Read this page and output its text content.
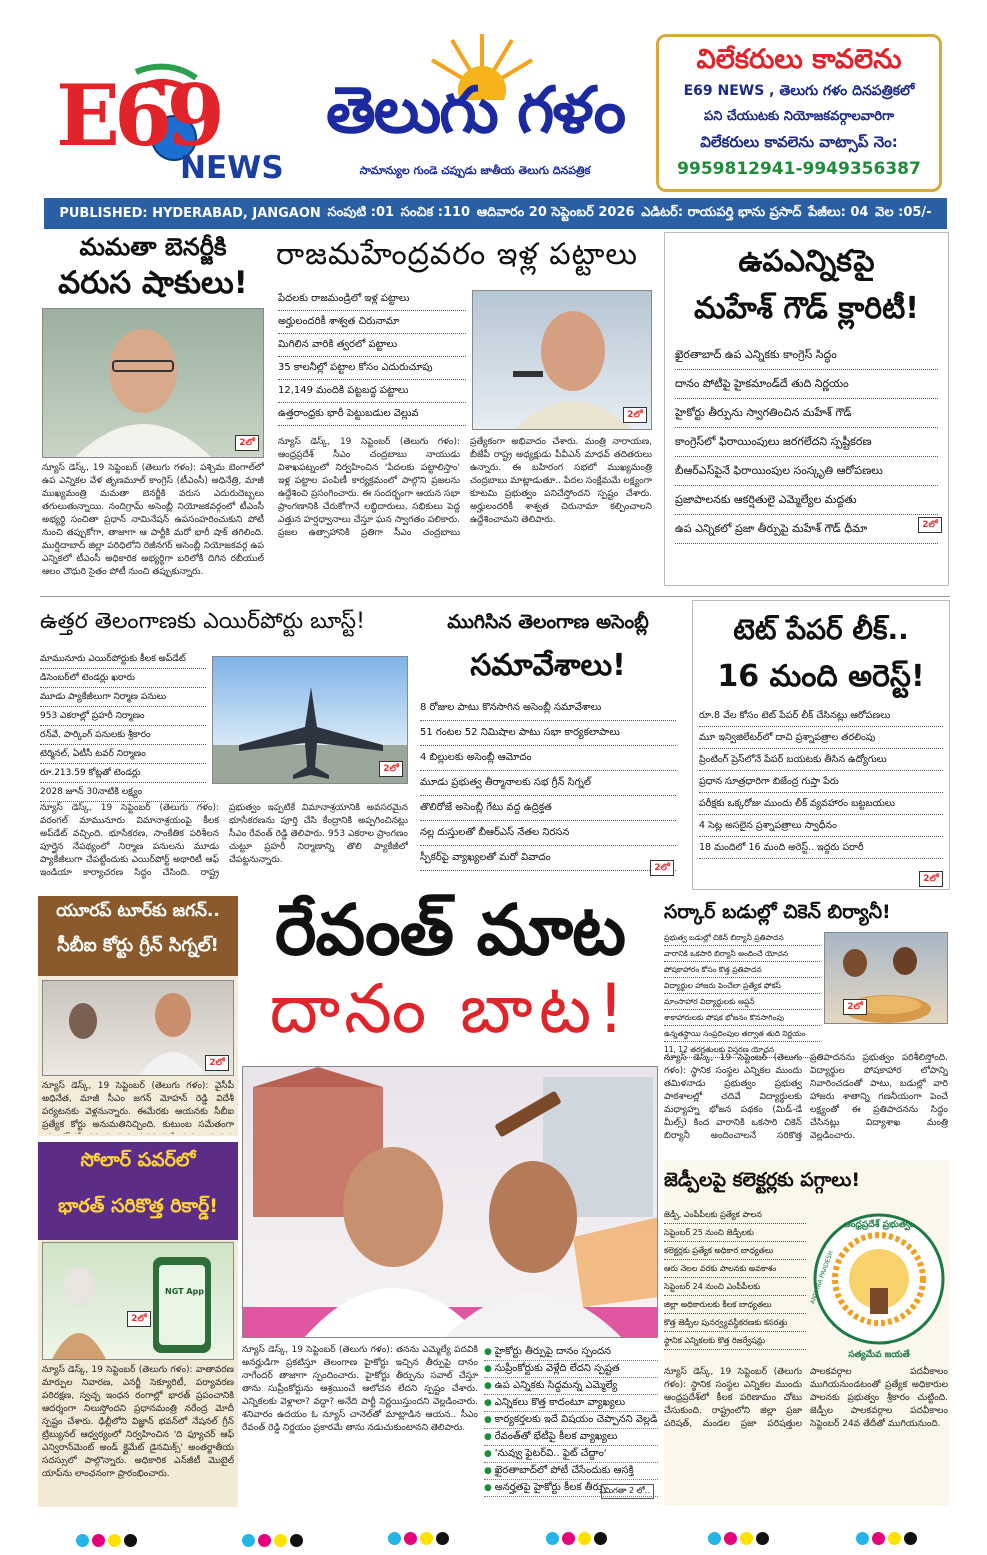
E69
NEWS
తెలుగు గళం
సామాన్యుల గుండె చప్పుడు జాతీయ తెలుగు దినపత్రిక
విలేకరులు కావలెను
E69 NEWS , తెలుగు గళం దినపత్రికలో
పని చేయుటకు నియోజకవర్గాలవారిగా
విలేకరులు కావలెను వాట్సాప్ నెం:
9959812941-9949356387
PUBLISHED: HYDERABAD, JANGAON సంపుటి :01 సంచిక :110 ఆదివారం 20 సెప్టెంబర్ 2026 ఎడిటర్: రాయపర్తి భాను ప్రసాద్ పేజీలు: 04 వెల :05/-
మమతా బెనర్జీకి
వరుస షాకులు!
2లో
న్యూస్ డెస్క్, 19 సెప్టెంబర్ (తెలుగు గళం): పశ్చిమ బెంగాల్‌లో ఉప ఎన్నికల వేళ తృణమూల్ కాంగ్రెస్ (టీఎంసీ) అధినేత్రి, మాజీ ముఖ్యమంత్రి మమతా బెనర్జీకి వరుస ఎదురుదెబ్బలు తగులుతున్నాయి. నందిగ్రామ్ అసెంబ్లీ నియోజకవర్గంలో టీఎంసీ అభ్యర్థి సంచితా ప్రధాన్ నామినేషన్ ఉపసంహరించుకుని పోటీ నుంచి తప్పుకోగా, తాజాగా ఆ పార్టీకి మరో భారీ షాక్ తగిలింది. ముర్షిదాబాద్ జిల్లా పరిధిలోని రెజీనగర్ అసెంబ్లీ నియోజకవర్గ ఉప ఎన్నికలో టీఎంసీ అధికారిక అభ్యర్థిగా బరిలోకి దిగిన రబీయుల్ ఆలం చౌధురి సైతం పోటీ నుంచి తప్పుకున్నారు.
రాజమహేంద్రవరం ఇళ్ల పట్టాలు
పేదలకు రాజమండ్రిలో ఇళ్ల పట్టాలు
అర్హులందరికీ శాశ్వత చిరునామా
మిగిలిన వారికి త్వరలో పట్టాలు
35 కాలనీల్లో పట్టాల కోసం ఎదురుచూపు
12,149 మందికి పట్టబద్ధ పట్టాలు
ఉత్తరాంధ్రకు భారీ పెట్టుబడుల వెల్లువ	2లో
న్యూస్ డెస్క్, 19 సెప్టెంబర్ (తెలుగు గళం): ఆంధ్రప్రదేశ్ సీఎం చంద్రబాబు నాయుడు విశాఖపట్నంలో నిర్వహించిన 'పేదలకు పట్టాలిస్తాం' ఇళ్ల పట్టాల పంపిణీ కార్యక్రమంలో పాల్గొని ప్రజలను ఉద్దేశించి ప్రసంగించారు. ఈ సందర్భంగా ఆయన సభా ప్రాంగణానికి చేరుకోగానే లబ్ధిదారులు, సభికులు పెద్ద ఎత్తున హర్షధ్వానాలు చేస్తూ ఘన స్వాగతం పలికారు. ప్రజల ఉత్సాహానికి ప్రతిగా సీఎం చంద్రబాబు ప్రత్యేకంగా అభివాదం చేశారు. మంత్రి నారాయణ, బీజేపీ రాష్ట్ర అధ్యక్షుడు పీవీఎన్ మాధవ్ తదితరులు ఉన్నారు. ఈ బహిరంగ సభలో ముఖ్యమంత్రి చంద్రబాబు మాట్లాడుతూ.. పేదల సంక్షేమమే లక్ష్యంగా కూటమి ప్రభుత్వం పనిచేస్తోందని స్పష్టం చేశారు. అర్హులందరికీ శాశ్వత చిరునామా కల్పించాలని ఉద్దేశించామని తెలిపారు.
ఉపఎన్నికపై
మహేశ్ గౌడ్ క్లారిటీ!
ఖైరతాబాద్ ఉప ఎన్నికకు కాంగ్రెస్ సిద్ధం
దానం పోటీపై హైకమాండ్‌దే తుది నిర్ణయం
హైకోర్టు తీర్పును స్వాగతించిన మహేశ్ గౌడ్
కాంగ్రెస్‌లో ఫిరాయింపులు జరగలేదని స్పష్టీకరణ
బీఆర్ఎస్‌పైనే ఫిరాయింపుల సంస్కృతి ఆరోపణలు
ప్రజాపాలనకు ఆకర్షితులై ఎమ్మెల్యేల మద్దతు
ఉప ఎన్నికలో ప్రజా తీర్పుపై మహేశ్ గౌడ్ ధీమా	2లో
ఉత్తర తెలంగాణకు ఎయిర్‌పోర్టు బూస్ట్!
మామునూరు ఎయిర్‌పోర్టుకు కీలక అప్‌డేట్
డిసెంబర్‌లో టెండర్లు ఖరారు
మూడు ప్యాకేజీలుగా నిర్మాణ పనులు
953 ఎకరాల్లో ప్రహరీ నిర్మాణం
రన్‌వే, పార్కింగ్ పనులకు శ్రీకారం
టెర్మినల్, ఏటీసీ టవర్ నిర్మాణం
రూ.213.59 కోట్లతో టెండర్లు
2028 జూన్ 30నాటికి లక్ష్యం
2లో
న్యూస్ డెస్క్, 19 సెప్టెంబర్ (తెలుగు గళం): వరంగల్ మామునూరు విమానాశ్రయంపై కీలక అప్‌డేట్ వచ్చింది. భూసేకరణ, సాంకేతిక పరిశీలన పూర్తైన నేపథ్యంలో నిర్మాణ పనులను మూడు ప్యాకేజీలుగా చేపట్టేందుకు ఎయిర్‌పోర్ట్ అథారిటీ ఆఫ్ ఇండియా కార్యాచరణ సిద్ధం చేసింది. రాష్ట్ర ప్రభుత్వం ఇప్పటికే విమానాశ్రయానికి అవసరమైన భూసేకరణను పూర్తి చేసి కేంద్రానికి అప్పగించినట్లు సీఎం రేవంత్ రెడ్డి తెలిపారు. 953 ఎకరాల ప్రాంగణం చుట్టూ ప్రహరీ నిర్మాణాన్ని తొలి ప్యాకేజీలో చేపట్టనున్నారు.
ముగిసిన తెలంగాణ అసెంబ్లీ
సమావేశాలు!
8 రోజుల పాటు కొనసాగిన అసెంబ్లీ సమావేశాలు
51 గంటల 52 నిమిషాల పాటు సభా కార్యకలాపాలు
4 బిల్లులకు అసెంబ్లీ ఆమోదం
మూడు ప్రభుత్వ తీర్మానాలకు సభ గ్రీన్ సిగ్నల్
తొలిరోజే అసెంబ్లీ గేటు వద్ద ఉద్రిక్తత
నల్ల దుస్తులతో బీఆర్ఎస్ నేతల నిరసన
స్పీకర్‌పై వ్యాఖ్యలతో మరో వివాదం
2లో
టెట్ పేపర్ లీక్..
16 మంది అరెస్ట్!
రూ.8 వేల కోసం టెట్ పేపర్ లీక్ చేసినట్లు ఆరోపణలు
మూ ఇన్విజిలేటర్‌లో దాచి ప్రశ్నాపత్రాల తరలింపు
ప్రింటింగ్ ప్రెస్‌లోనే పేపర్ బయటకు తీసిన ఉద్యోగులు
ప్రధాన సూత్రధారిగా బిజేంద్ర గుప్తా పేరు
పరీక్షకు ఒక్కరోజు ముందు లీక్ వ్యవహారం బట్టబయలు
4 సెట్ల అసలైన ప్రశ్నాపత్రాలు స్వాధీనం
18 మందిలో 16 మంది అరెస్ట్.. ఇద్దరు పరారీ
2లో
యూరప్ టూర్‌కు జగన్..
సీబీఐ కోర్టు గ్రీన్ సిగ్నల్!
2లో
న్యూస్ డెస్క్, 19 సెప్టెంబర్ (తెలుగు గళం): వైసీపీ అధినేత, మాజీ సీఎం జగన్ మోహన్ రెడ్డి విదేశీ పర్యటనకు వెళ్లనున్నారు. ఈమేరకు ఆయనకు సీబీఐ ప్రత్యేక కోర్టు అనుమతినిచ్చింది. కుటుంబ సమేతంగా
సోలార్ పవర్‌లో
భారత్ సరికొత్త రికార్డ్!
NGT App
2లో
న్యూస్ డెస్క్, 19 సెప్టెంబర్ (తెలుగు గళం): వాతావరణ మార్పుల నివారణ, ఎనర్జీ సెక్యూరిటీ, పర్యావరణ పరిరక్షణ, స్వచ్ఛ ఇంధన రంగాల్లో భారత్ ప్రపంచానికి ఆదర్శంగా నిలుస్తోందని ప్రధానమంత్రి నరేంద్ర మోదీ స్పష్టం చేశారు. ఢిల్లీలోని విజ్ఞాన్ భవన్‌లో నేషనల్ గ్రీన్ ట్రిబ్యునల్ ఆధ్వర్యంలో నిర్వహించిన 'ది ఫ్యూచర్ ఆఫ్ ఎన్విరాన్‌మెంట్ అండ్ క్లైమేట్ డైనమిక్స్' అంతర్జాతీయ సదస్సులో పాల్గొన్నారు. అధికారిక ఎన్‌జీటీ మొబైల్ యాప్‌ను లాంఛనంగా ప్రారంభించారు.
రేవంత్ మాట
దానం బాట!
న్యూస్ డెస్క్, 19 సెప్టెంబర్ (తెలుగు గళం): తనను ఎమ్మెల్యే పదవికి అనర్హుడిగా ప్రకటిస్తూ తెలంగాణ హైకోర్టు ఇచ్చిన తీర్పుపై దానం నాగేందర్ తాజాగా స్పందించారు. హైకోర్టు తీర్పును సవాల్ చేస్తూ తాను సుప్రీంకోర్టును ఆశ్రయించే ఆలోచన లేదని స్పష్టం చేశారు. ఎన్నికలకు వెళ్లాలా? వద్దా? అనేది పార్టీ నిర్ణయిస్తుందని వెల్లడించారు. శనివారం ఉదయం ఓ న్యూస్ చానెల్‌తో మాట్లాడిన ఆయన.. సీఎం రేవంత్ రెడ్డి నిర్ణయం ప్రకారమే తాను నడుచుకుంటానని తెలిపారు.
● హైకోర్టు తీర్పుపై దానం స్పందన
● సుప్రీంకోర్టుకు వెళ్లేది లేదని స్పష్టత
● ఉప ఎన్నికకు సిద్ధమన్న ఎమ్మెల్యే
● ఎన్నికలు కొత్త కాదంటూ వ్యాఖ్యలు
● కార్యకర్తలకు ఇదే విషయం చెప్పానని వెల్లడి
● రేవంత్‌తో భేటీపై కీలక వ్యాఖ్యలు
● 'నువ్వు ఫైటర్‌వి.. ఫైట్ చేద్దాం'
● ఖైరతాబాద్‌లో పోటీ చేసేందుకు ఆసక్తి
● అనర్హతపై హైకోర్టు కీలక తీర్పు మిగతా 2 లో..
సర్కార్ బడుల్లో చికెన్ బిర్యానీ!
ప్రభుత్వ బడుల్లో చికెన్ బిర్యానీ ప్రతిపాదన
వారానికి ఒకసారి బిర్యానీ అందించే యోచన
పోషకాహారం కోసం కొత్త ప్రతిపాదన
విద్యార్థుల హాజరు పెంచేలా ప్రత్యేక ఫోకస్
మాంసాహార విద్యార్థులకు ఆప్షన్
శాకాహారులకు పోషక భోజనం కొనసాగింపు
ఉన్నతస్థాయి సంప్రదింపుల తర్వాత తుది నిర్ణయం
11, 12 తరగతులకు విస్తరణ యోచన
2లో
న్యూస్ డెస్క్, 19 సెప్టెంబర్ (తెలుగు గళం): స్థానిక సంస్థల ఎన్నికల ముందు తమిళనాడు ప్రభుత్వం ప్రభుత్వ పాఠశాలల్లో చదివే విద్యార్థులకు మధ్యాహ్న భోజన పథకం (మిడ్-డే మీల్స్) కింద వారానికి ఒకసారి చికెన్ బిర్యానీ అందించాలనే సరికొత్త ప్రతిపాదనను ప్రభుత్వం పరిశీలిస్తోంది. విద్యార్థుల పోషకాహార లోపాన్ని నివారించడంతో పాటు, బడుల్లో వారి హాజరు శాతాన్ని గణనీయంగా పెంచే లక్ష్యంతో ఈ ప్రతిపాదనను సిద్ధం చేసినట్లు విద్యాశాఖ మంత్రి వెల్లడించారు.
జెడ్పీలపై కలెక్టర్లకు పగ్గాలు!
జెడ్పీ, ఎంపీపీలకు ప్రత్యేక పాలన
సెప్టెంబర్ 25 నుంచి జెడ్పీలకు
కలెక్టర్లకు ప్రత్యేక అధికార బాధ్యతలు
ఆరు నెలల వరకు పాలనకు అవకాశం
సెప్టెంబర్ 24 నుంచి ఎంపీపీలకు
జిల్లా అధికారులకు కీలక బాధ్యతలు
కొత్త జెడ్పీల పునర్వ్యవస్థీకరణకు కసరత్తు
స్థానిక ఎన్నికలకు కొత్త రిజర్వేషన్లు
ఆంధ్రప్రదేశ్ ప్రభుత్వం
ANDHRA PRADESH
సత్యమేవ జయతే
న్యూస్ డెస్క్, 19 సెప్టెంబర్ (తెలుగు గళం): స్థానిక సంస్థల ఎన్నికల ముందు ఆంధ్రప్రదేశ్‌లో కీలక పరిణామం చోటు చేసుకుంది. రాష్ట్రంలోని జిల్లా ప్రజా పరిషత్, మండల ప్రజా పరిషత్తుల పాలకవర్గాల పదవీకాలం ముగియనుండటంతో ప్రత్యేక అధికారుల పాలనకు ప్రభుత్వం శ్రీకారం చుట్టింది. జెడ్పీల పాలకవర్గాల పదవీకాలం సెప్టెంబర్ 24వ తేదీతో ముగియనుంది.
